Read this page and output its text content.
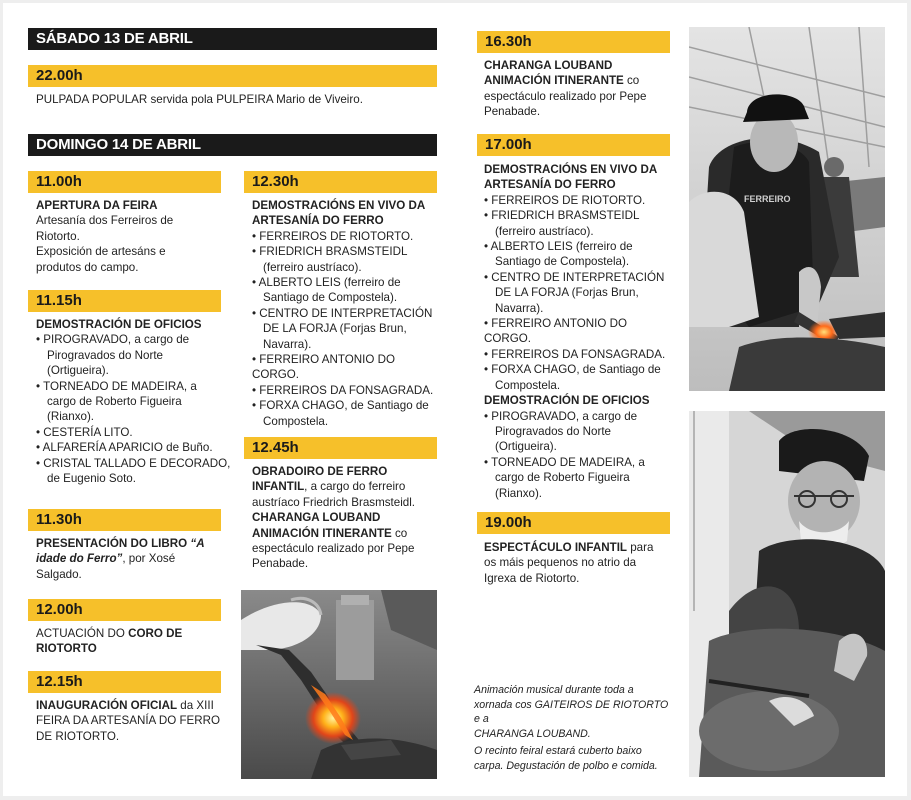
SÁBADO 13 DE ABRIL
22.00h
PULPADA POPULAR servida pola PULPEIRA Mario de Viveiro.
DOMINGO 14 DE ABRIL
11.00h
APERTURA DA FEIRA
Artesanía dos Ferreiros de
Riotorto.
Exposición de artesáns e
produtos do campo.
11.15h
DEMOSTRACIÓN DE OFICIOS
• PIROGRAVADO, a cargo de
Pirogravados do Norte
(Ortigueira).
• TORNEADO DE MADEIRA, a
cargo de Roberto Figueira
(Rianxo).
• CESTERÍA LITO.
• ALFARERÍA APARICIO de Buño.
• CRISTAL TALLADO E DECORADO,
de Eugenio Soto.
11.30h
PRESENTACIÓN DO LIBRO “A
idade do Ferro”, por Xosé
Salgado.
12.00h
ACTUACIÓN DO CORO DE
RIOTORTO
12.15h
INAUGURACIÓN OFICIAL da XIII
FEIRA DA ARTESANÍA DO FERRO
DE RIOTORTO.
12.30h
DEMOSTRACIÓNS EN VIVO DA
ARTESANÍA DO FERRO
• FERREIROS DE RIOTORTO.
• FRIEDRICH BRASMSTEIDL
(ferreiro austríaco).
• ALBERTO LEIS (ferreiro de
Santiago de Compostela).
• CENTRO DE INTERPRETACIÓN
DE LA FORJA (Forjas Brun,
Navarra).
• FERREIRO ANTONIO DO CORGO.
• FERREIROS DA FONSAGRADA.
• FORXA CHAGO, de Santiago de
Compostela.
12.45h
OBRADOIRO DE FERRO
INFANTIL, a cargo do ferreiro
austríaco Friedrich Brasmsteidl.
CHARANGA LOUBAND
ANIMACIÓN ITINERANTE co
espectáculo realizado por Pepe
Penabade.
16.30h
CHARANGA LOUBAND
ANIMACIÓN ITINERANTE co
espectáculo realizado por Pepe
Penabade.
17.00h
DEMOSTRACIÓNS EN VIVO DA
ARTESANÍA DO FERRO
• FERREIROS DE RIOTORTO.
• FRIEDRICH BRASMSTEIDL
(ferreiro austríaco).
• ALBERTO LEIS (ferreiro de
Santiago de Compostela).
• CENTRO DE INTERPRETACIÓN
DE LA FORJA (Forjas Brun,
Navarra).
• FERREIRO ANTONIO DO CORGO.
• FERREIROS DA FONSAGRADA.
• FORXA CHAGO, de Santiago de
Compostela.
DEMOSTRACIÓN DE OFICIOS
• PIROGRAVADO, a cargo de
Pirogravados do Norte
(Ortigueira).
• TORNEADO DE MADEIRA, a
cargo de Roberto Figueira
(Rianxo).
19.00h
ESPECTÁCULO INFANTIL para
os máis pequenos no atrio da
Igrexa de Riotorto.
Animación musical durante toda a
xornada cos GAITEIROS DE RIOTORTO e a
CHARANGA LOUBAND.
O recinto feiral estará cuberto baixo
carpa. Degustación de polbo e comida.
FERREIRO
